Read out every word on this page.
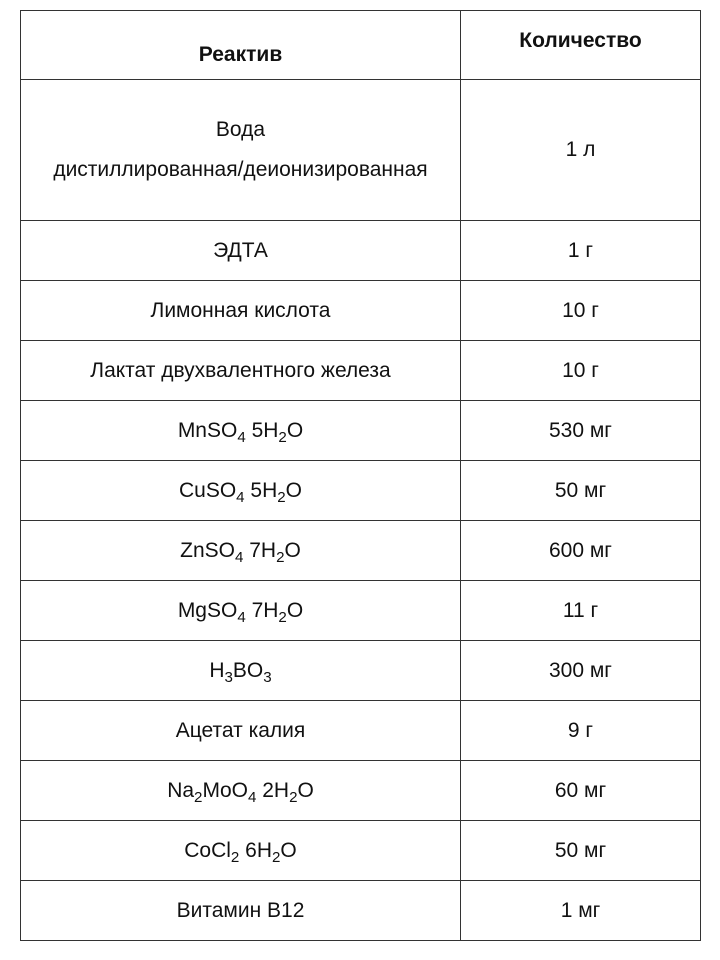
Реактив	Количество

Вода
дистиллированная/деионизированная	1 л
ЭДТА	1 г
Лимонная кислота	10 г
Лактат двухвалентного железа	10 г
MnSO$_4$ $5H_2O$	530 мг
CuSO$_4$ $5H_2O$	50 мг
ZnSO$_4$ $7H_2O$	600 мг
MgSO$_4$ $7H_2O$	11 г
$H_3BO_3$	300 мг
Ацетат калия	9 г
$Na_2MoO_4$ $2H_2O$	60 мг
CoCl$_2$ $6H_2O$	50 мг
Витамин B12	1 мг
